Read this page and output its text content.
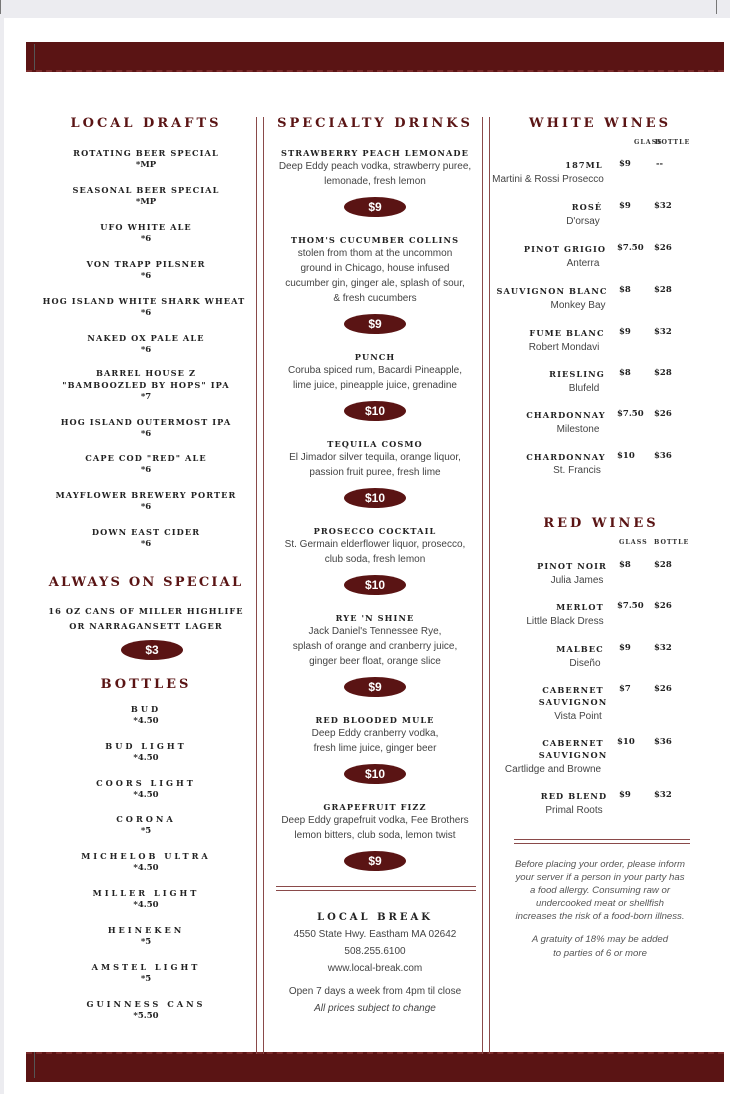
LOCAL DRAFTS
ROTATING BEER SPECIAL
*MP
SEASONAL BEER SPECIAL
*MP
UFO WHITE ALE
*6
VON TRAPP PILSNER
*6
HOG ISLAND WHITE SHARK WHEAT
*6
NAKED OX PALE ALE
*6
BARREL HOUSE Z
"BAMBOOZLED BY HOPS" IPA
*7
HOG ISLAND OUTERMOST IPA
*6
CAPE COD "RED" ALE
*6
MAYFLOWER BREWERY PORTER
*6
DOWN EAST CIDER
*6
ALWAYS ON SPECIAL
16 OZ CANS OF MILLER HIGHLIFE
OR NARRAGANSETT LAGER
$3
BOTTLES
BUD
*4.50
BUD LIGHT
*4.50
COORS LIGHT
*4.50
CORONA
*5
MICHELOB ULTRA
*4.50
MILLER LIGHT
*4.50
HEINEKEN
*5
AMSTEL LIGHT
*5
GUINNESS CANS
*5.50
SPECIALTY DRINKS
STRAWBERRY PEACH LEMONADE
Deep Eddy peach vodka, strawberry puree,
lemonade, fresh lemon
$9
THOM'S CUCUMBER COLLINS
stolen from thom at the uncommon
ground in Chicago, house infused
cucumber gin, ginger ale, splash of sour,
& fresh cucumbers
$9
PUNCH
Coruba spiced rum, Bacardi Pineapple,
lime juice, pineapple juice, grenadine
$10
TEQUILA COSMO
El Jimador silver tequila, orange liquor,
passion fruit puree, fresh lime
$10
PROSECCO COCKTAIL
St. Germain elderflower liquor, prosecco,
club soda, fresh lemon
$10
RYE 'N SHINE
Jack Daniel's Tennessee Rye,
splash of orange and cranberry juice,
ginger beer float, orange slice
$9
RED BLOODED MULE
Deep Eddy cranberry vodka,
fresh lime juice, ginger beer
$10
GRAPEFRUIT FIZZ
Deep Eddy grapefruit vodka, Fee Brothers
lemon bitters, club soda, lemon twist
$9
LOCAL BREAK
4550 State Hwy. Eastham MA 02642
508.255.6100
www.local-break.com
Open 7 days a week from 4pm til close
All prices subject to change
WHITE WINES
GLASS
BOTTLE
187ML $9	--
Martini & Rossi Prosecco
ROSÉ $9	$32
D'orsay
PINOT GRIGIO $7.50 $26
Anterra
SAUVIGNON BLANC $8	$28
Monkey Bay
FUME BLANC $9	$32
Robert Mondavi
RIESLING $8	$28
Blufeld
CHARDONNAY $7.50 $26
Milestone
CHARDONNAY $10 $36
St. Francis
RED WINES
GLASS BOTTLE
PINOT NOIR $8	$28
Julia James
MERLOT $7.50 $26
Little Black Dress
MALBEC $9	$32
Diseño
CABERNET
SAUVIGNON
$7	$26
Vista Point
CABERNET
SAUVIGNON
$10 $36
Cartlidge and Browne
RED BLEND $9	$32
Primal Roots
Before placing your order, please inform
your server if a person in your party has
a food allergy. Consuming raw or
undercooked meat or shellfish
increases the risk of a food-born illness.
A gratuity of 18% may be added
to parties of 6 or more
